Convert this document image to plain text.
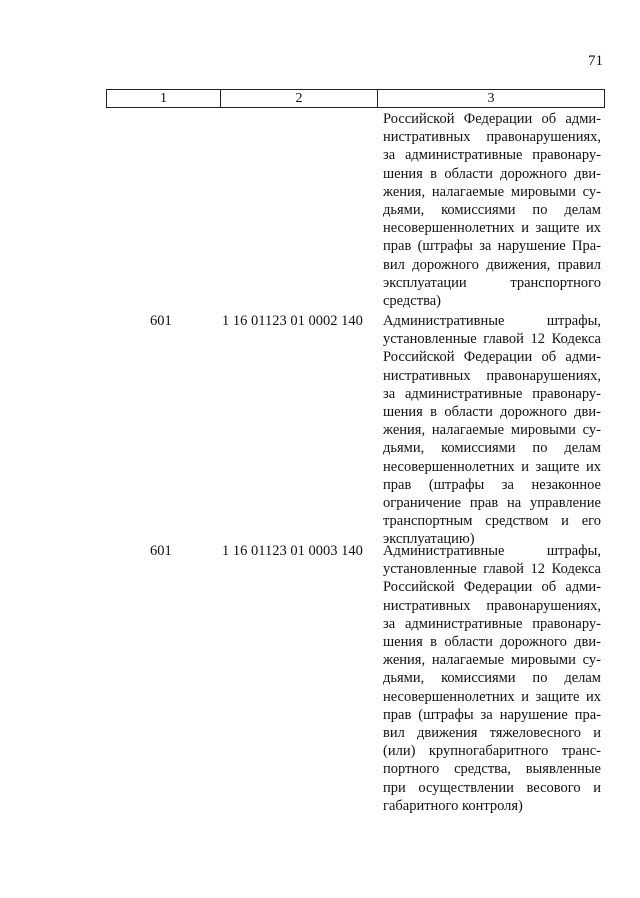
71
1	2	3
Российской Федерации об адми-
нистративных правонарушениях,
за административные правонару-
шения в области дорожного дви-
жения, налагаемые мировыми су-
дьями, комиссиями по делам
несовершеннолетних и защите их
прав (штрафы за нарушение Пра-
вил дорожного движения, правил
эксплуатации транспортного
средства)
601	1 16 01123 01 0002 140 Административные штрафы,
установленные главой 12 Кодекса
Российской Федерации об адми-
нистративных правонарушениях,
за административные правонару-
шения в области дорожного дви-
жения, налагаемые мировыми су-
дьями, комиссиями по делам
несовершеннолетних и защите их
прав (штрафы за незаконное
ограничение прав на управление
транспортным средством и его
эксплуатацию)
601	1 16 01123 01 0003 140 Административные штрафы,
установленные главой 12 Кодекса
Российской Федерации об адми-
нистративных правонарушениях,
за административные правонару-
шения в области дорожного дви-
жения, налагаемые мировыми су-
дьями, комиссиями по делам
несовершеннолетних и защите их
прав (штрафы за нарушение пра-
вил движения тяжеловесного и
(или) крупногабаритного транс-
портного средства, выявленные
при осуществлении весового и
габаритного контроля)
